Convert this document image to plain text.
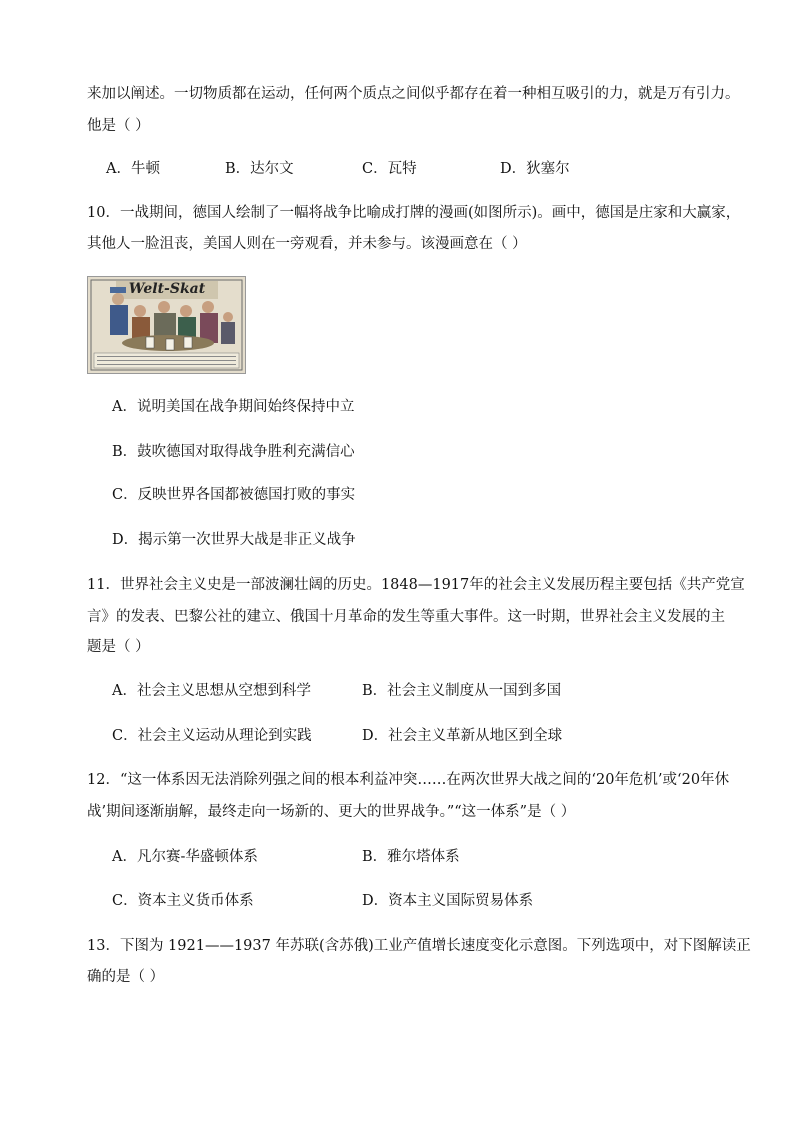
来加以阐述。一切物质都在运动，任何两个质点之间似乎都存在着一种相互吸引的力，就是万有引力。
他是（ ）
A．牛顿	B．达尔文	C．瓦特	D．狄塞尔
10．一战期间，德国人绘制了一幅将战争比喻成打牌的漫画(如图所示)。画中，德国是庄家和大赢家，
其他人一脸沮丧，美国人则在一旁观看，并未参与。该漫画意在（ ）
Welt-Skat
A．说明美国在战争期间始终保持中立
B．鼓吹德国对取得战争胜利充满信心
C．反映世界各国都被德国打败的事实
D．揭示第一次世界大战是非正义战争
11．世界社会主义史是一部波澜壮阔的历史。1848—1917年的社会主义发展历程主要包括《共产党宣
言》的发表、巴黎公社的建立、俄国十月革命的发生等重大事件。这一时期，世界社会主义发展的主
题是（ ）
A．社会主义思想从空想到科学	B．社会主义制度从一国到多国
C．社会主义运动从理论到实践	D．社会主义革新从地区到全球
12．“这一体系因无法消除列强之间的根本利益冲突……在两次世界大战之间的‘20年危机’或‘20年休
战’期间逐渐崩解，最终走向一场新的、更大的世界战争。”“这一体系”是（ ）
A．凡尔赛-华盛顿体系	B．雅尔塔体系
C．资本主义货币体系	D．资本主义国际贸易体系
13．下图为 1921——1937 年苏联(含苏俄)工业产值增长速度变化示意图。下列选项中，对下图解读正
确的是（ ）
